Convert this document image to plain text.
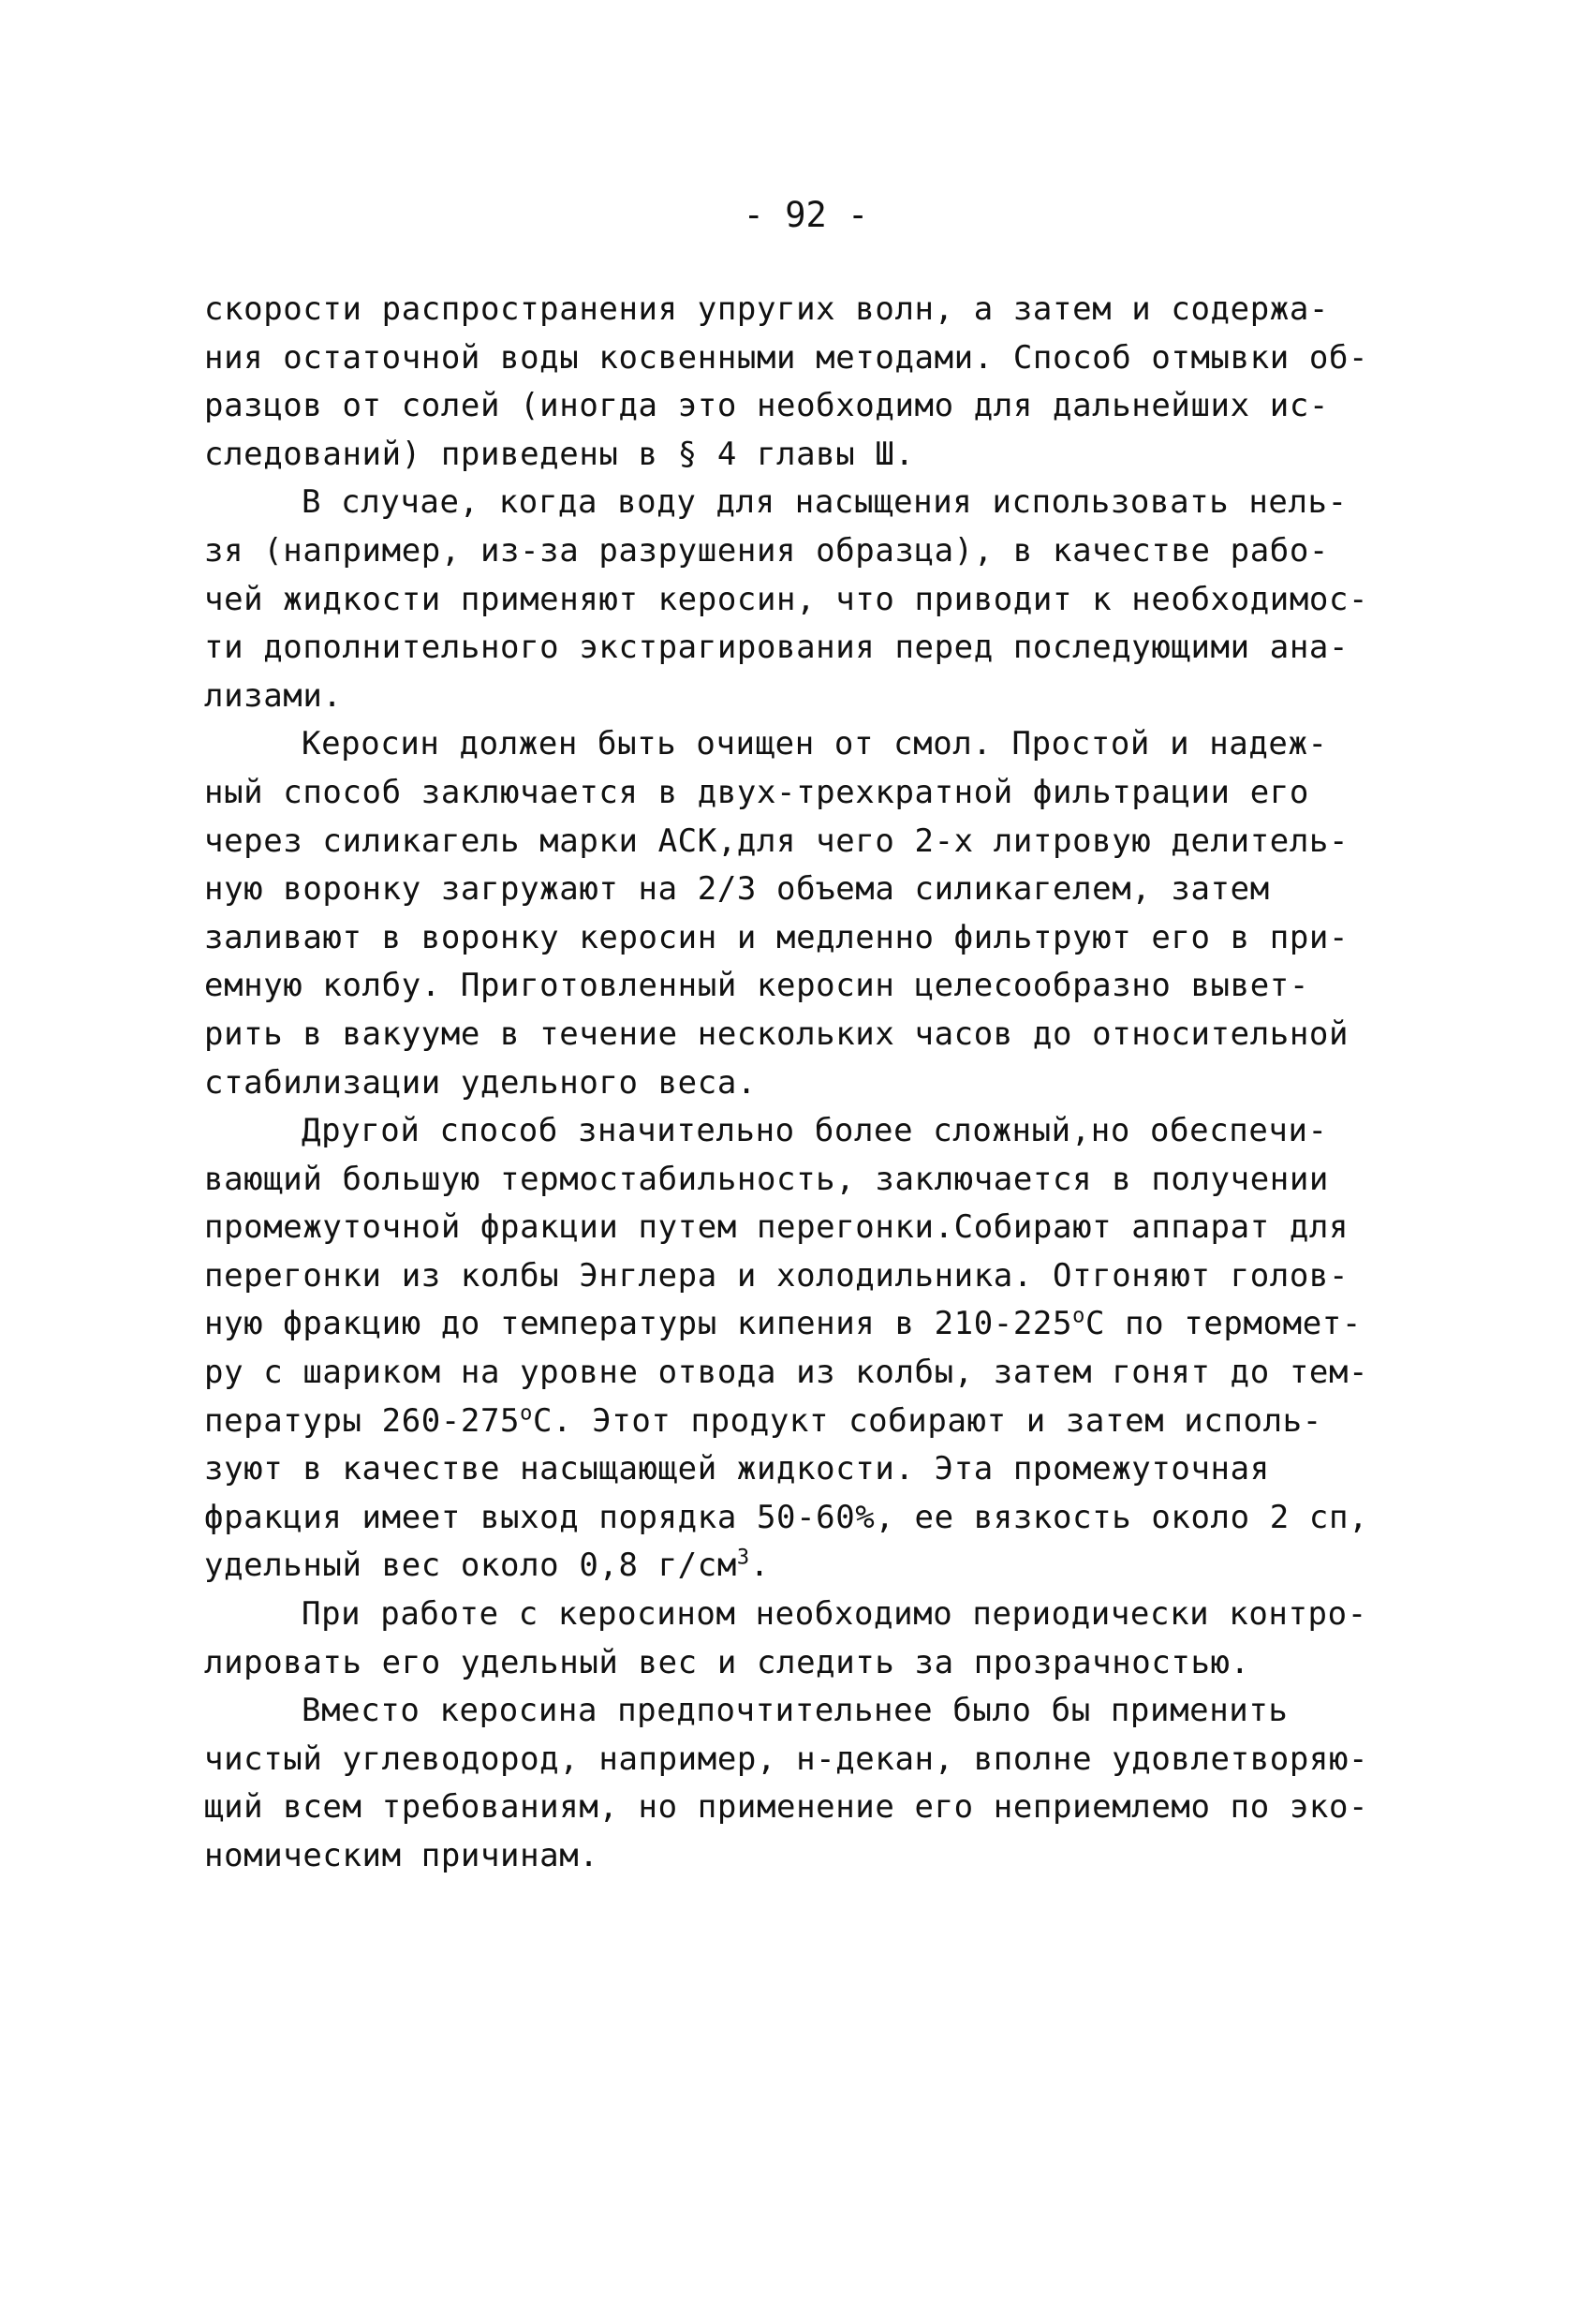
- 92 -
скорости распространения упругих волн, а затем и содержа-
ния остаточной воды косвенными методами. Способ отмывки об-
разцов от солей (иногда это необходимо для дальнейших ис-
следований) приведены в § 4 главы Ш.
В случае, когда воду для насыщения использовать нель-
зя (например, из-за разрушения образца), в качестве рабо-
чей жидкости применяют керосин, что приводит к необходимос-
ти дополнительного экстрагирования перед последующими ана-
лизами.
Керосин должен быть очищен от смол. Простой и надеж-
ный способ заключается в двух-трехкратной фильтрации его
через силикагель марки АСК,для чего 2-х литровую делитель-
ную воронку загружают на 2/3 объема силикагелем, затем
заливают в воронку керосин и медленно фильтруют его в при-
емную колбу. Приготовленный керосин целесообразно вывет-
рить в вакууме в течение нескольких часов до относительной
стабилизации удельного веса.
Другой способ значительно более сложный,но обеспечи-
вающий большую термостабильность, заключается в получении
промежуточной фракции путем перегонки.Собирают аппарат для
перегонки из колбы Энглера и холодильника. Отгоняют голов-
ную фракцию до температуры кипения в $210-225^оС$ по термомет-
ру с шариком на уровне отвода из колбы, затем гонят до тем-
пературы $260-275^оС$. Этот продукт собирают и затем исполь-
зуют в качестве насыщающей жидкости. Эта промежуточная
фракция имеет выход порядка 50-60%, ее вязкость около 2 сп,
удельный вес около 0,8 $г/см^3$.
При работе с керосином необходимо периодически контро-
лировать его удельный вес и следить за прозрачностью.
Вместо керосина предпочтительнее было бы применить
чистый углеводород, например, н-декан, вполне удовлетворяю-
щий всем требованиям, но применение его неприемлемо по эко-
номическим причинам.
